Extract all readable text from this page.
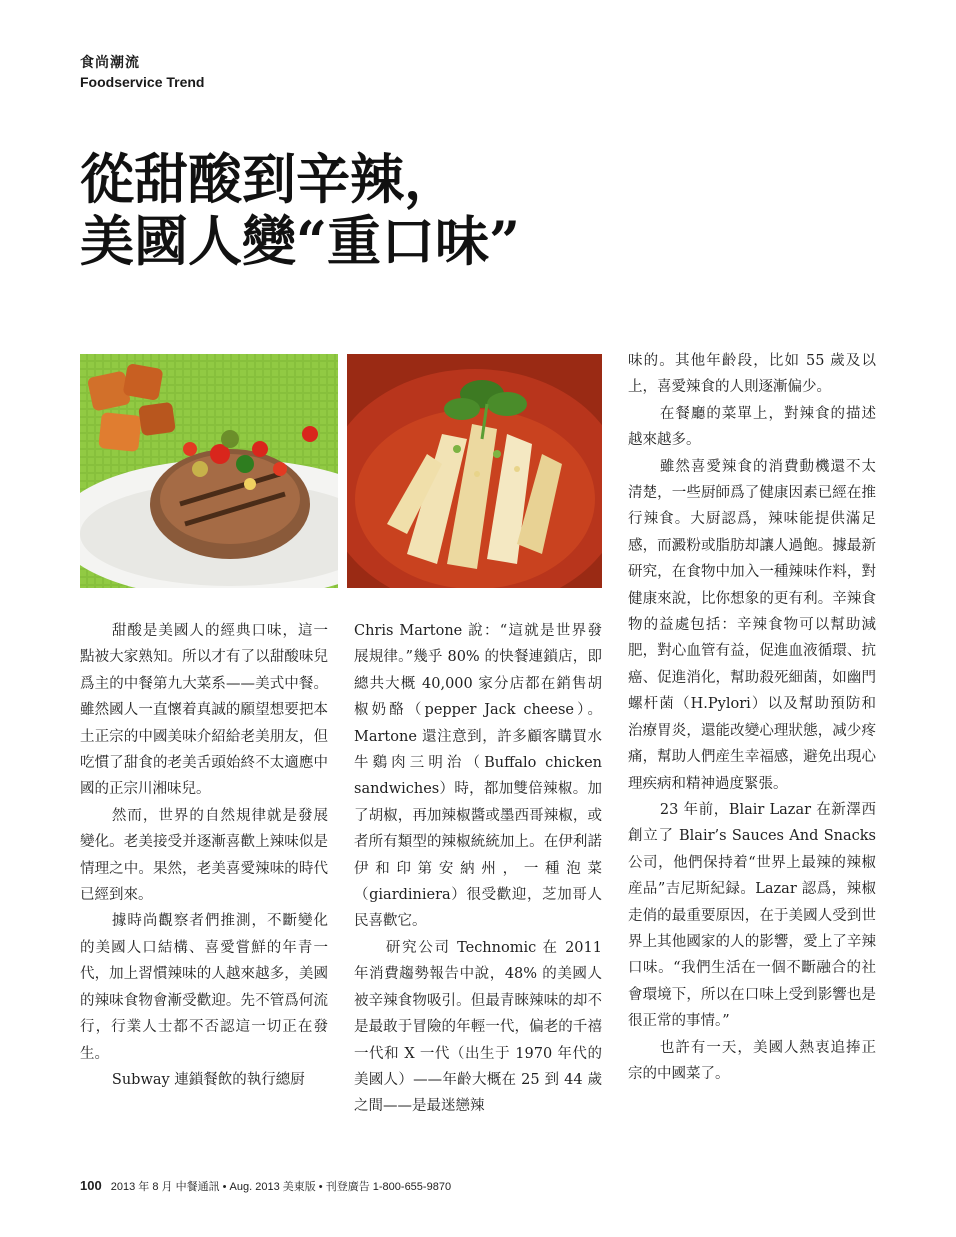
食尚潮流
Foodservice Trend
從甜酸到辛辣，
美國人變“重口味”

甜酸是美國人的經典口味，這一點被大家熟知。所以才有了以甜酸味兒爲主的中餐第九大菜系——美式中餐。雖然國人一直懷着真誠的願望想要把本土正宗的中國美味介紹給老美朋友，但吃慣了甜食的老美舌頭始終不太適應中國的正宗川湘味兒。

然而，世界的自然規律就是發展變化。老美接受并逐漸喜歡上辣味似是情理之中。果然，老美喜愛辣味的時代已經到來。

據時尚觀察者們推測，不斷變化的美國人口結構、喜愛嘗鮮的年青一代，加上習慣辣味的人越來越多，美國的辣味食物會漸受歡迎。先不管爲何流行，行業人士都不否認這一切正在發生。

Subway 連鎖餐飲的執行總厨

Chris Martone 說：“這就是世界發展規律。”幾乎 80% 的快餐連鎖店，即總共大概 40,000 家分店都在銷售胡椒奶酪（pepper Jack cheese）。Martone 還注意到，許多顧客購買水牛鷄肉三明治（Buffalo chicken sandwiches）時，都加雙倍辣椒。加了胡椒，再加辣椒醬或墨西哥辣椒，或者所有類型的辣椒統統加上。在伊利諾伊和印第安納州，一種泡菜（giardiniera）很受歡迎，芝加哥人民喜歡它。

研究公司 Technomic 在 2011 年消費趨勢報告中說，48% 的美國人被辛辣食物吸引。但最青睞辣味的却不是最敢于冒險的年輕一代，偏老的千禧一代和 X 一代（出生于 1970 年代的美國人）——年齡大概在 25 到 44 歲之間——是最迷戀辣

味的。其他年齡段，比如 55 歲及以上，喜愛辣食的人則逐漸偏少。

在餐廳的菜單上，對辣食的描述越來越多。

雖然喜愛辣食的消費動機還不太清楚，一些厨師爲了健康因素已經在推行辣食。大厨認爲，辣味能提供滿足感，而澱粉或脂肪却讓人過飽。據最新研究，在食物中加入一種辣味作料，對健康來說，比你想象的更有利。辛辣食物的益處包括：辛辣食物可以幫助減肥，對心血管有益，促進血液循環、抗癌、促進消化，幫助殺死細菌，如幽門螺杆菌（H.Pylori）以及幫助預防和治療胃炎，還能改變心理狀態，减少疼痛，幫助人們産生幸福感，避免出現心理疾病和精神過度緊張。

23 年前，Blair Lazar 在新澤西創立了 Blair’s Sauces And Snacks 公司，他們保持着“世界上最辣的辣椒産品”吉尼斯紀録。Lazar 認爲，辣椒走俏的最重要原因，在于美國人受到世界上其他國家的人的影響，愛上了辛辣口味。“我們生活在一個不斷融合的社會環境下，所以在口味上受到影響也是很正常的事情。”

也許有一天，美國人熱衷追捧正宗的中國菜了。

100 2013 年 8 月 中餐通訊 • Aug. 2013 美東版 • 刊登廣告 1-800-655-9870
